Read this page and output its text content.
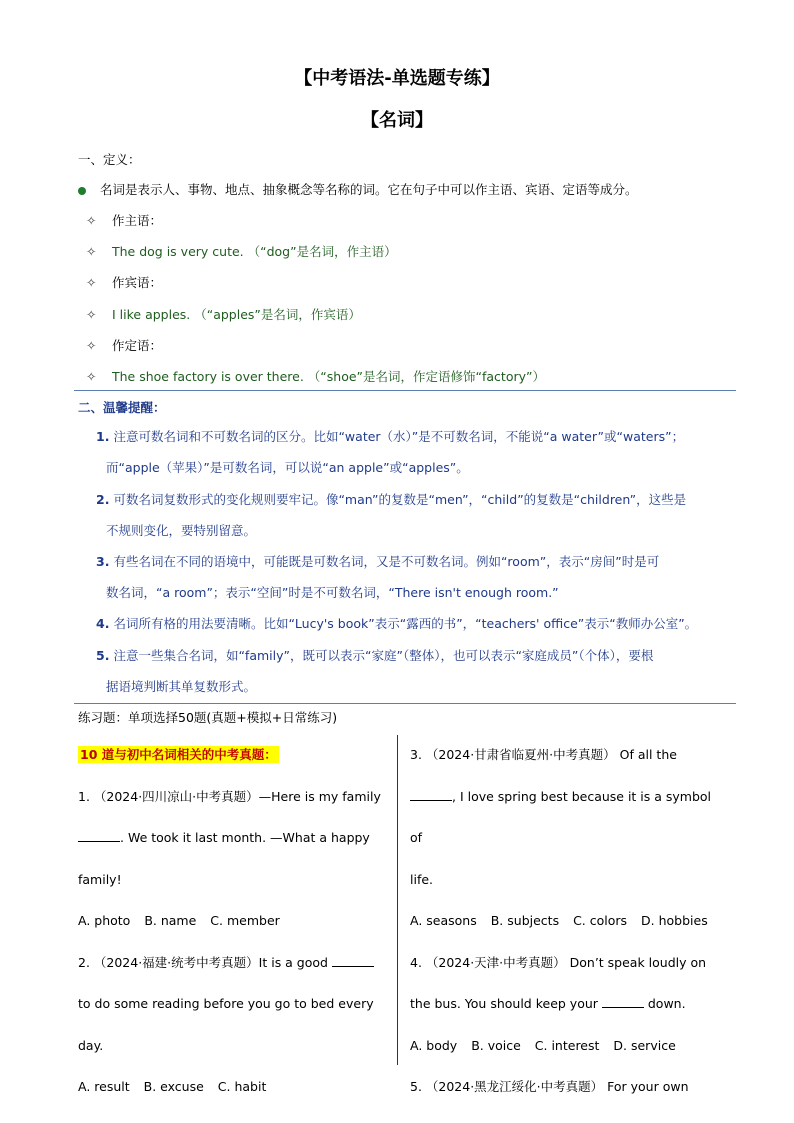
【中考语法-单选题专练】
【名词】
一、定义：
名词是表示人、事物、地点、抽象概念等名称的词。它在句子中可以作主语、宾语、定语等成分。
✧ 作主语：
✧ The dog is very cute. （“dog”是名词，作主语）
✧ 作宾语：
✧ I like apples. （“apples”是名词，作宾语）
✧ 作定语：
✧ The shoe factory is over there. （“shoe”是名词，作定语修饰“factory”）
二、温馨提醒：
1. 注意可数名词和不可数名词的区分。比如“water（水）”是不可数名词，不能说“a water”或“waters”；
而“apple（苹果）”是可数名词，可以说“an apple”或“apples”。
2. 可数名词复数形式的变化规则要牢记。像“man”的复数是“men”，“child”的复数是“children”，这些是
不规则变化，要特别留意。
3. 有些名词在不同的语境中，可能既是可数名词，又是不可数名词。例如“room”，表示“房间”时是可
数名词，“a room”；表示“空间”时是不可数名词，“There isn't enough room.”
4. 名词所有格的用法要清晰。比如“Lucy's book”表示“露西的书”，“teachers' office”表示“教师办公室”。
5. 注意一些集合名词，如“family”，既可以表示“家庭”（整体），也可以表示“家庭成员”（个体），要根
据语境判断其单复数形式。
练习题：单项选择50题(真题+模拟+日常练习)
10 道与初中名词相关的中考真题：
1. （2024·四川凉山·中考真题）—Here is my family
. We took it last month. —What a happy
family!
A. photo B. name C. member
2. （2024·福建·统考中考真题）It is a good
to do some reading before you go to bed every day.
A. result B. excuse C. habit
3. （2024·甘肃省临夏州·中考真题） Of all the
, I love spring best because it is a symbol of
life.
A. seasons B. subjects C. colors D. hobbies
4. （2024·天津·中考真题） Don’t speak loudly on
the bus. You should keep your	down.
A. body B. voice C. interest D. service
5. （2024·黑龙江绥化·中考真题） For your own
